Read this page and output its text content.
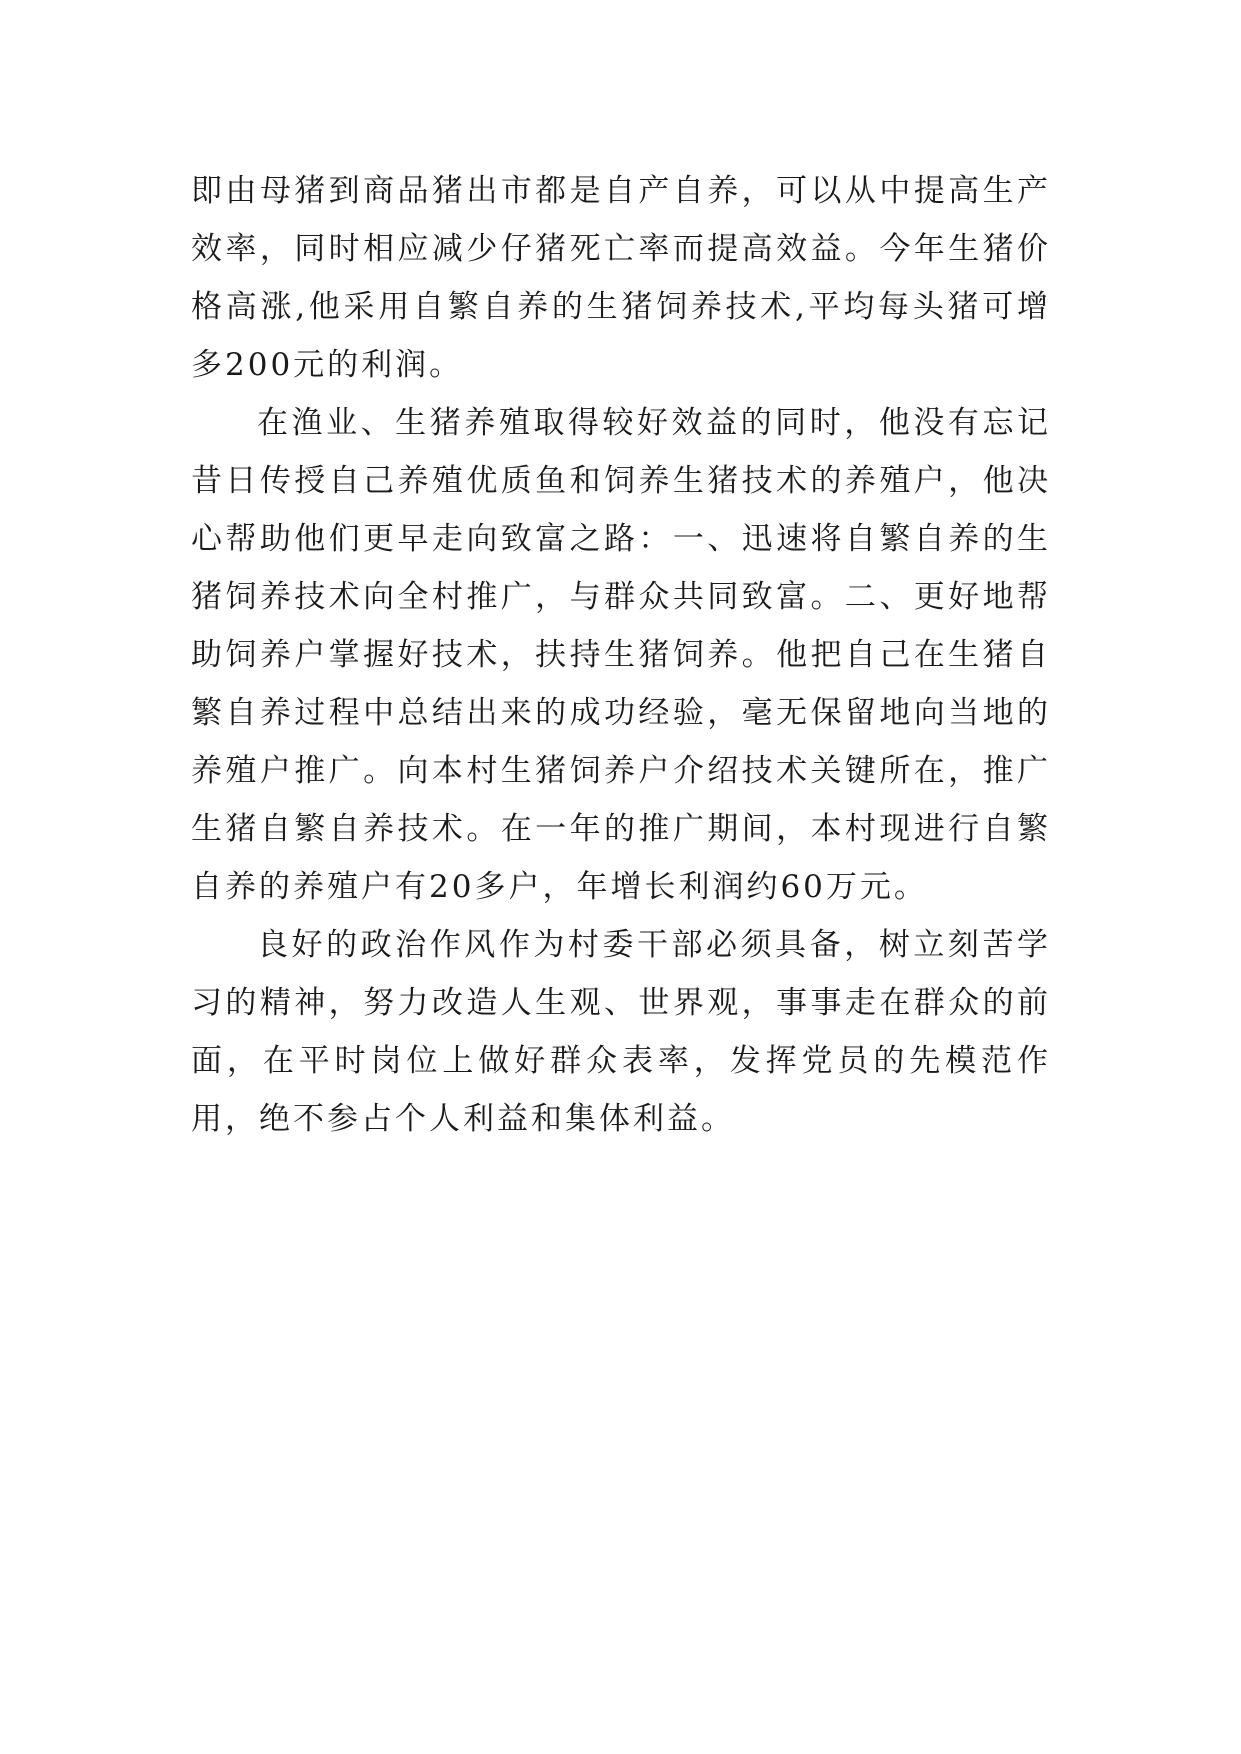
即由母猪到商品猪出市都是自产自养，可以从中提高生产效率，同时相应减少仔猪死亡率而提高效益。今年生猪价格高涨,他采用自繁自养的生猪饲养技术,平均每头猪可增多200元的利润。

在渔业、生猪养殖取得较好效益的同时，他没有忘记昔日传授自己养殖优质鱼和饲养生猪技术的养殖户，他决心帮助他们更早走向致富之路：一、迅速将自繁自养的生猪饲养技术向全村推广，与群众共同致富。二、更好地帮助饲养户掌握好技术，扶持生猪饲养。他把自己在生猪自繁自养过程中总结出来的成功经验，毫无保留地向当地的养殖户推广。向本村生猪饲养户介绍技术关键所在，推广生猪自繁自养技术。在一年的推广期间，本村现进行自繁自养的养殖户有20多户，年增长利润约60万元。

良好的政治作风作为村委干部必须具备，树立刻苦学习的精神，努力改造人生观、世界观，事事走在群众的前面，在平时岗位上做好群众表率，发挥党员的先模范作用，绝不参占个人利益和集体利益。
